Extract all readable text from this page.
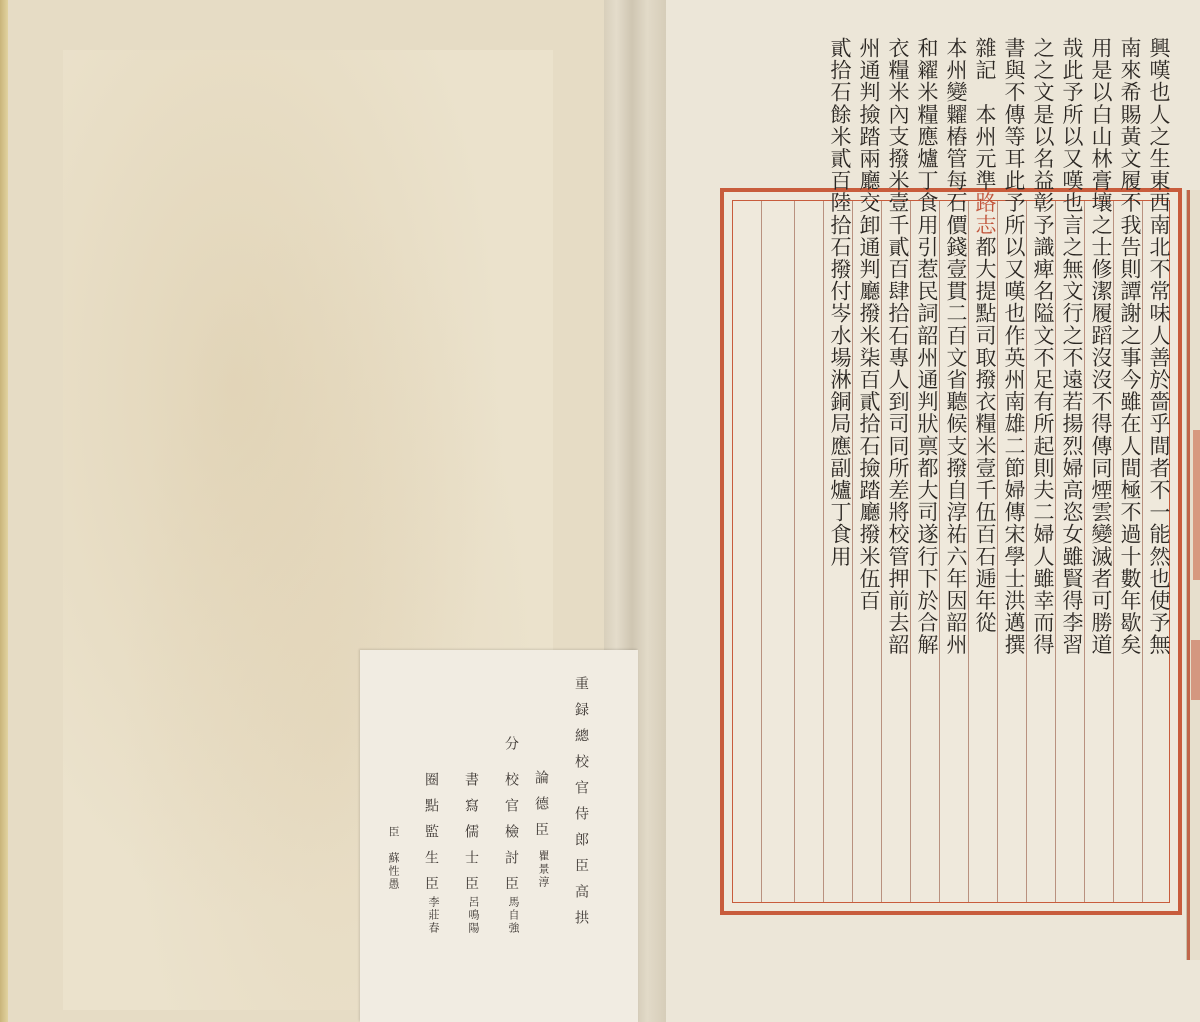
興嘆也人之生東西南北不常味人善於嗇乎間者不一能然也使予無
南來希賜黃文履不我告則譚謝之事今雖在人間極不過十數年歇矣
用是以白山林膏壤之士修潔履蹈沒沒不得傳同煙雲變滅者可勝道
哉此予所以又嘆也言之無文行之不遠若揚烈婦高恣女雖賢得李習
之之文是以名益彰予識痺名隘文不足有所起則夫二婦人雖幸而得
書與不傳等耳此予所以又嘆也作英州南雄二節婦傳宋學士洪邁撰
雜記　本州元準路志都大提點司取撥衣糧米壹千伍百石逓年從
本州變糶樁管每石價錢壹貫二百文省聽候支撥自淳祐六年因韶州
和糴米糧應爐丁食用引惹民詞韶州通判狀禀都大司遂行下於合解
衣糧米內支撥米壹千貳百肆拾石專人到司同所差將校管押前去韶
州通判撿踏兩廳交卸通判廳撥米柒百貳拾石撿踏廳撥米伍百
貳拾石餘米貳百陸拾石撥付岑水場淋銅局應副爐丁食用
重録總校官侍郎臣高拱
論德臣
瞿景淳
分
校官檢討臣
馬自強
書寫儒士臣
呂鳴陽
圈點監生臣
李莊春
臣
蘇性愚
